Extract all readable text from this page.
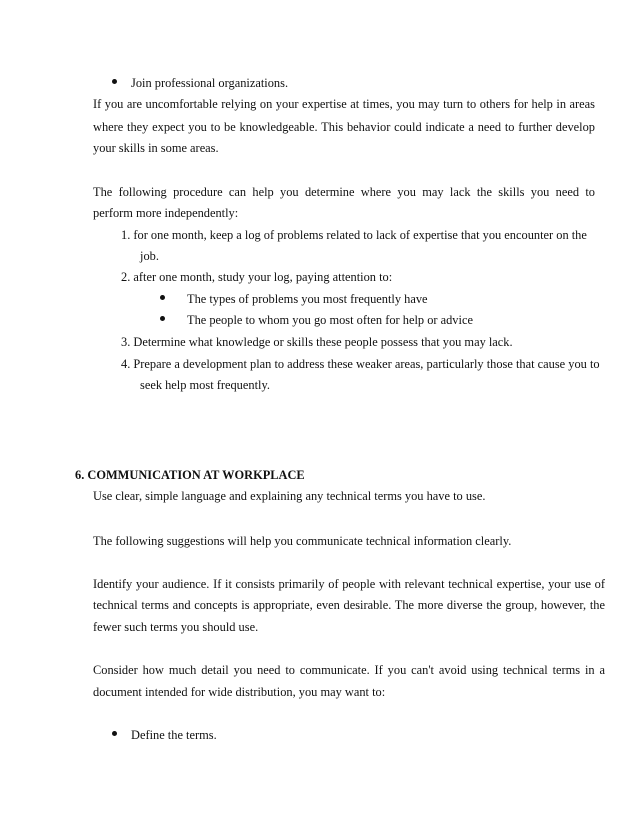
Join professional organizations.
If you are uncomfortable relying on your expertise at times, you may turn to others for help in areas
where they expect you to be knowledgeable. This behavior could indicate a need to further develop
your skills in some areas.
The following procedure can help you determine where you may lack the skills you need to
perform more independently:
1. for one month, keep a log of problems related to lack of expertise that you encounter on the
job.
2. after one month, study your log, paying attention to:
The types of problems you most frequently have
The people to whom you go most often for help or advice
3. Determine what knowledge or skills these people possess that you may lack.
4. Prepare a development plan to address these weaker areas, particularly those that cause you to
seek help most frequently.
6. COMMUNICATION AT WORKPLACE
Use clear, simple language and explaining any technical terms you have to use.
The following suggestions will help you communicate technical information clearly.
Identify your audience. If it consists primarily of people with relevant technical expertise, your use of
technical terms and concepts is appropriate, even desirable. The more diverse the group, however, the
fewer such terms you should use.
Consider how much detail you need to communicate. If you can't avoid using technical terms in a
document intended for wide distribution, you may want to:
Define the terms.
